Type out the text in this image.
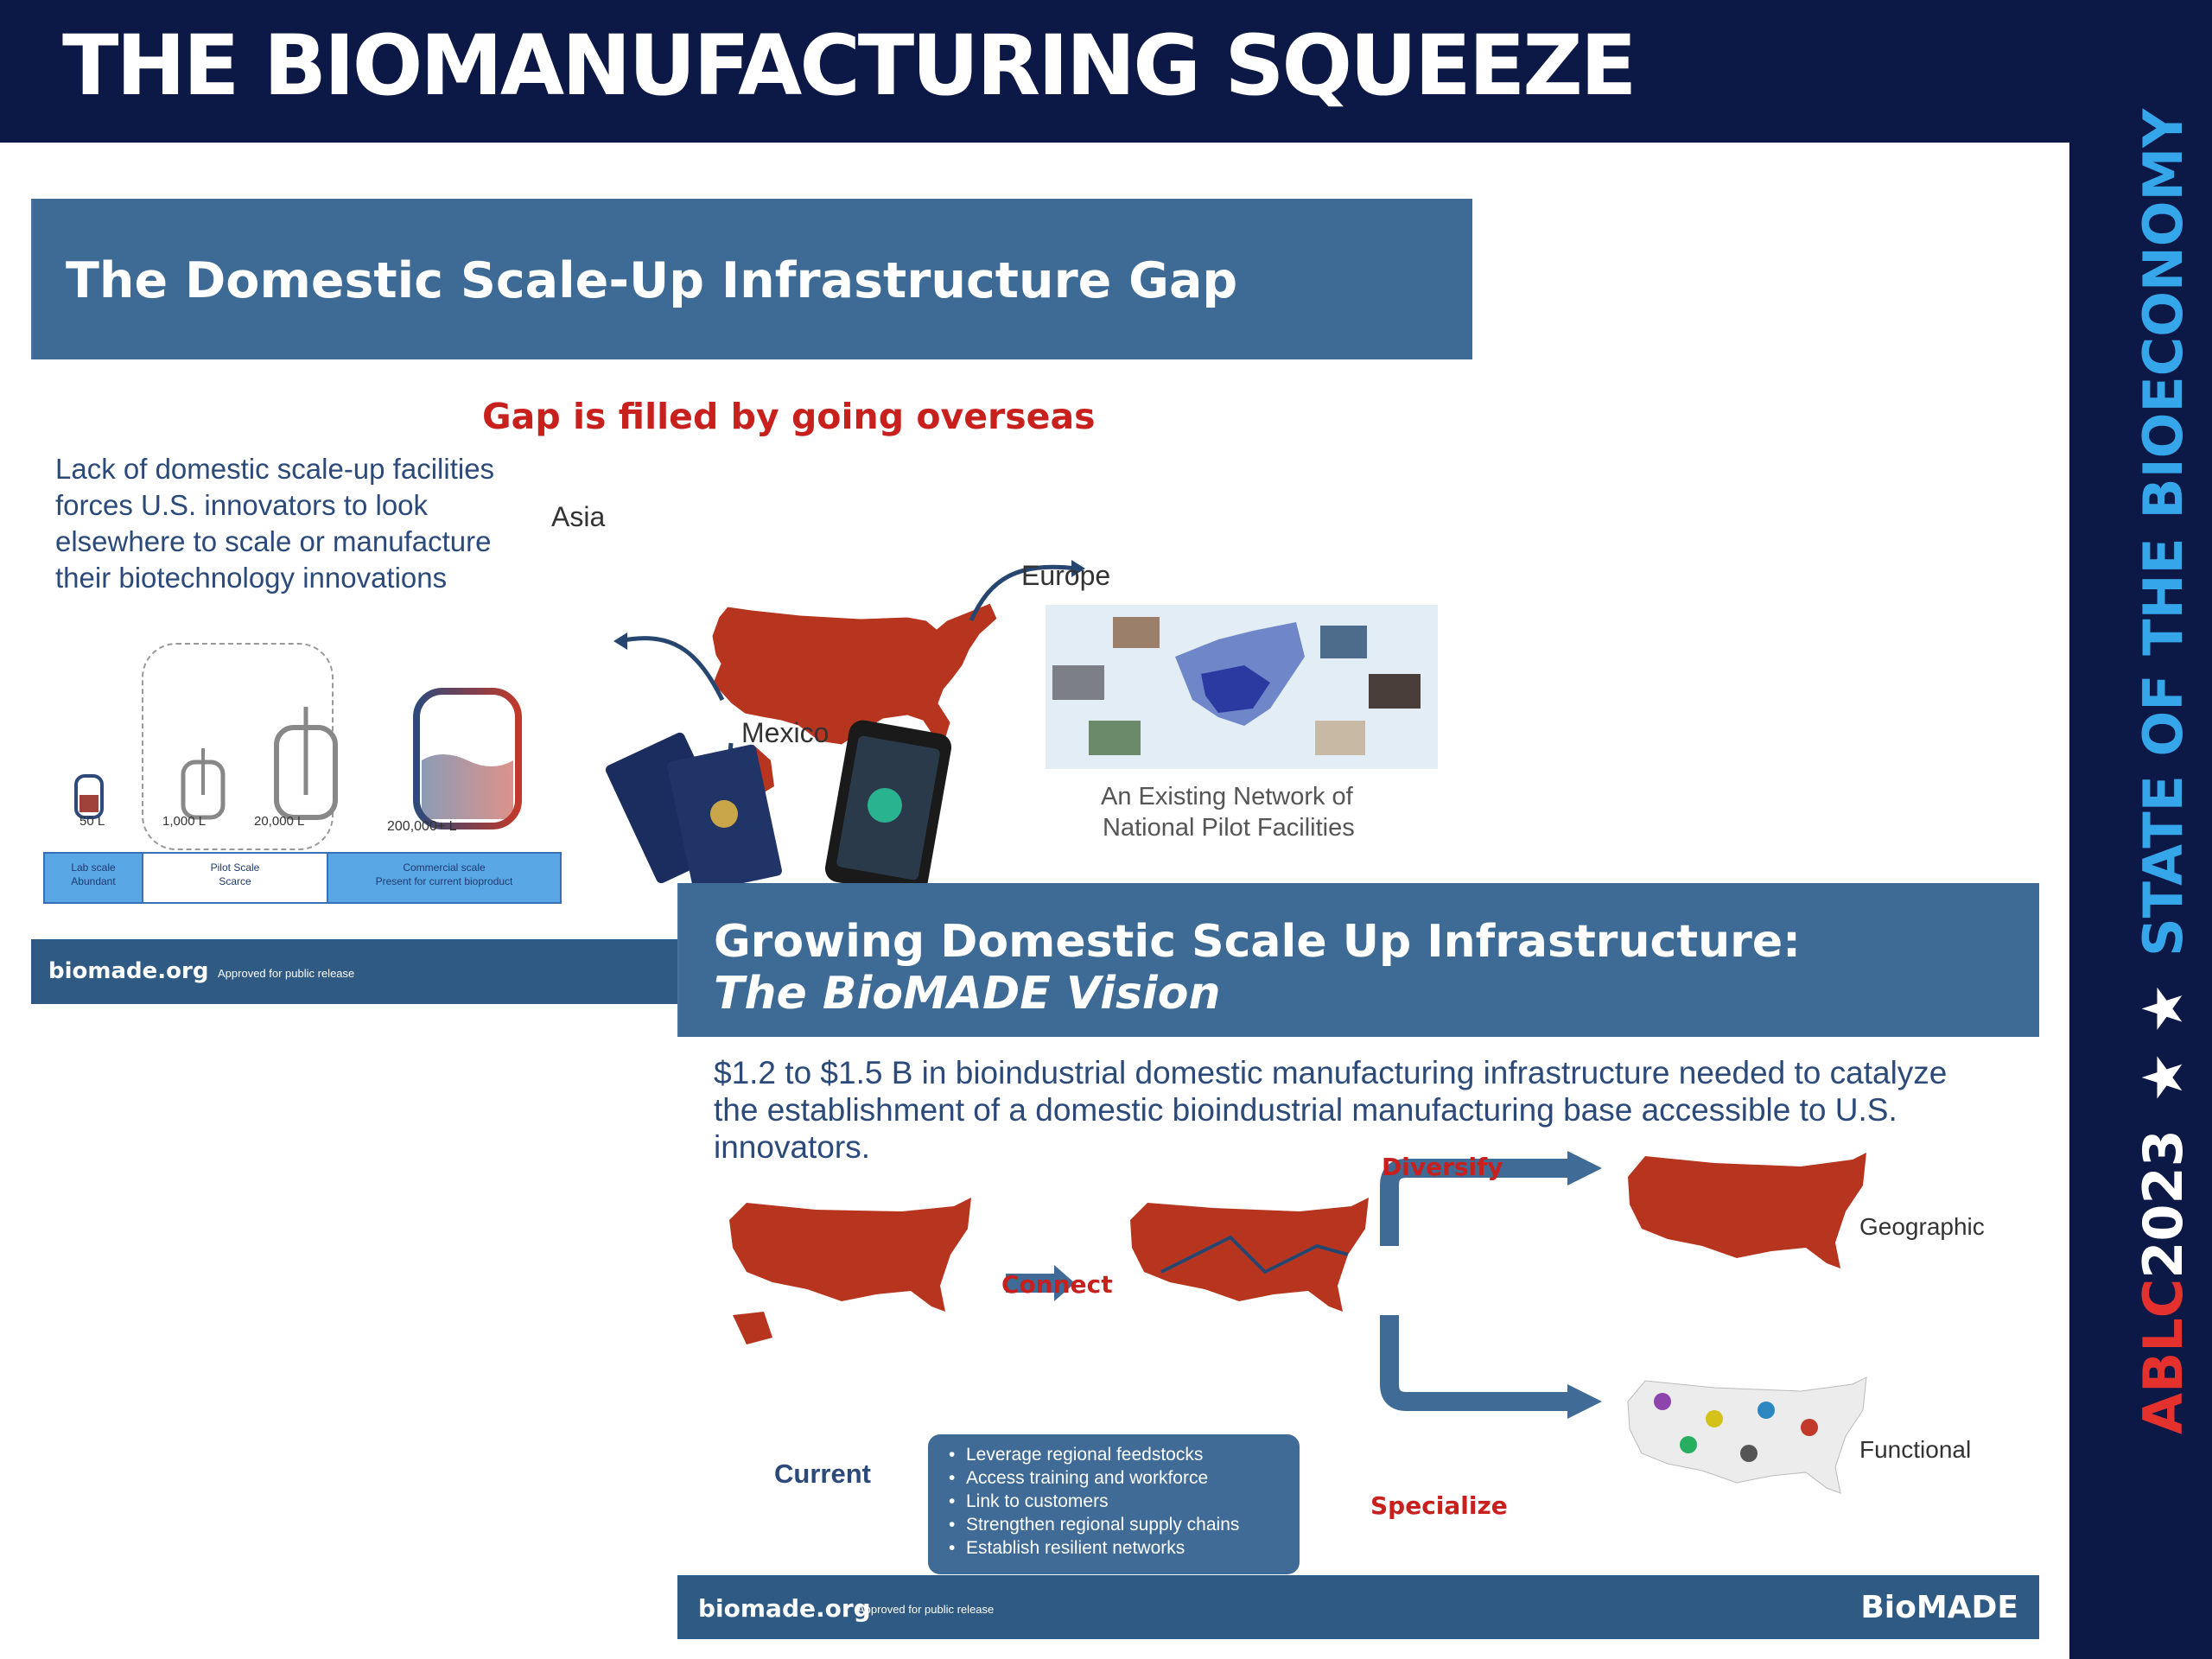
THE BIOMANUFACTURING SQUEEZE
ABLC2023 ★ ★ STATE OF THE BIOECONOMY
The Domestic Scale-Up Infrastructure Gap
Gap is filled by going overseas
Lack of domestic scale-up facilities forces U.S. innovators to look elsewhere to scale or manufacture their biotechnology innovations
Asia
Europe
Mexico
An Existing Network of
National Pilot Facilities
50 L	1,000 L	20,000 L	200,000+ L
Lab scale
Abundant
Pilot Scale
Scarce
Commercial scale
Present for current bioproduct
biomade.org Approved for public release
Growing Domestic Scale Up Infrastructure:
The BioMADE Vision
$1.2 to $1.5 B in bioindustrial domestic manufacturing infrastructure needed to catalyze the establishment of a domestic bioindustrial manufacturing base accessible to U.S. innovators.
Connect
Diversify
Specialize
Current
Geographic
Functional
• Leverage regional feedstocks
• Access training and workforce
• Link to customers
• Strengthen regional supply chains
• Establish resilient networks
biomade.org
Approved for public release	BioMADE
